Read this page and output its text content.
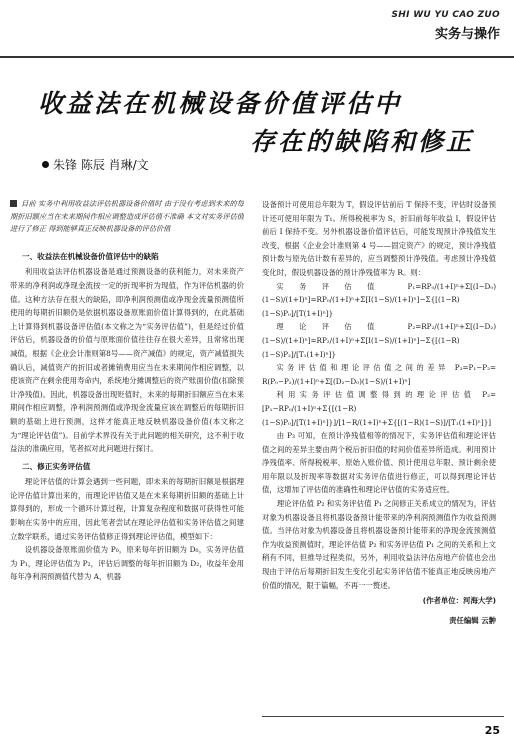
SHI WU YU CAO ZUO
实务与操作
收益法在机械设备价值评估中
存在的缺陷和修正
朱锋 陈辰 肖琳/文
目前 实务中利用收益法评估机器设备价值时 由于没有考虑到未来的每期折旧额应当在未来期间作相应调整造成评估值不准确 本文对实务评估值进行了修正 得到能够真正反映机器设备的评估价值
一、收益法在机械设备价值评估中的缺陷
利用收益法评估机器设备是通过预测设备的获利能力，对未来资产带来的净利润或净现金流按一定的折现率折为现值，作为评估机器的价值。这种方法存在很大的缺陷，即净利润预测值或净现金流量预测值所使用的每期折旧额仍是依据机器设备原账面价值计算得到的，在此基础上计算得到机器设备评估值(本文称之为“实务评估值”)，但是经过价值评估后，机器设备的价值与原账面价值往往存在很大差异，且常常出现减值，根据《企业会计准则第8号——资产减值》的规定，资产减值损失确认后，减值资产的折旧或者摊销费用应当在未来期间作相应调整，以使该资产在剩余使用寿命内，系统地分摊调整后的资产账面价值(扣除预计净残值)。因此，机器设备出现贬值时，未来的每期折旧额应当在未来期间作相应调整，净利润预测值或净现金流量应该在调整后的每期折旧额的基础上进行预测，这样才能真正地反映机器设备价值(本文称之为“理论评估值”)。目前学术界没有关于此问题的相关研究，这不利于收益法的准确应用，笔者拟对此问题进行探讨。
二、修正实务评估值
理论评估值的计算会遇到一些问题，即未来的每期折旧额是根据理论评估值计算出来的，而理论评估值又是在未来每期折旧额的基础上计算得到的，形成一个循环计算过程，计算复杂程度和数据可获得性可能影响在实务中的应用，因此笔者尝试在理论评估值和实务评估值之间建立数学联系，通过实务评估值修正得到理论评估值，模型如下：
设机器设备原账面价值为 P₀，原来每年折旧额为 D₀，实务评估值为 P₁，理论评估值为 P₂，评估后调整的每年折旧额为 D₂，收益年金用每年净利润预测值代替为 A，机器
设备预计可使用总年限为 T，假设评估前后 T 保持不变，评估时设备预计还可使用年限为 T₁。所得税税率为 S，折旧前每年收益 I，假设评估前后 I 保持不变。另外机器设备价值评估后，可能发现预计净残值发生改变，根据《企业会计准则第 4 号——固定资产》的规定，预计净残值预计数与原先估计数有差异的，应当调整预计净残值。考虑预计净残值变化时，假设机器设备的预计净残值率为 R。则：
实务评估值 P₁=RP₀/(1+I)ⁿ+Σ[(I−D₀)(1−S)/(1+I)ⁿ]=RP₀/(1+I)ⁿ+Σ[I(1−S)/(1+I)ⁿ]−Σ{[(1−R)(1−S)P₀]/[T(1+I)ⁿ]}
理论评估值 P₂=RP₂/(1+I)ⁿ+Σ[(I−D₂)(1−S)/(1+I)ⁿ]=RP₂/(1+I)ⁿ+Σ[I(1−S)/(1+I)ⁿ]−Σ{[(1−R)(1−S)P₂]/[T₁(1+I)ⁿ]}
实务评估值和理论评估值之间的差异 P₃=P₁−P₂= R(P₀−P₂)/(1+I)ⁿ+Σ[(D₂−D₀)(1−S)/(1+I)ⁿ]
利用实务评估值调整得到的理论评估值 P₂=[P₁−RP₀/(1+I)ⁿ+Σ{[(1−R)(1−S)P₀]/[T(1+I)ⁿ]}]/[1−R/(1+I)ⁿ+Σ{[(1−R)(1−S)]/[T₁(1+I)ⁿ]}]
由 P₃ 可知，在预计净残值相等的情况下，实务评估值和理论评估值之间的差异主要由两个税后折旧值的时间价值差异所造成。利用预计净残值率、所得税税率、原始入账价值、预计使用总年限、预计剩余使用年限以及折现率等数据对实务评估值进行修正，可以得到理论评估值，这增加了评估值的准确性和理论评估值的实务适应性。
理论评估值 P₂ 和实务评估值 P₁ 之间修正关系成立的情况为，评估对象为机器设备且将机器设备预计能带来的净利润预测值作为收益预测值。当评估对象为机器设备且将机器设备预计能带来的净现金流预测值作为收益预测值时，理论评估值 P₂ 和实务评估值 P₁ 之间的关系和上文稍有不同，但推导过程类似，另外，利用收益法评估房地产价值也会出现由于评估后每期折旧发生变化引起实务评估值不能真正地反映房地产价值的情况，限于篇幅，不再一一赘述。
(作者单位：河海大学)
责任编辑 云翀
25
